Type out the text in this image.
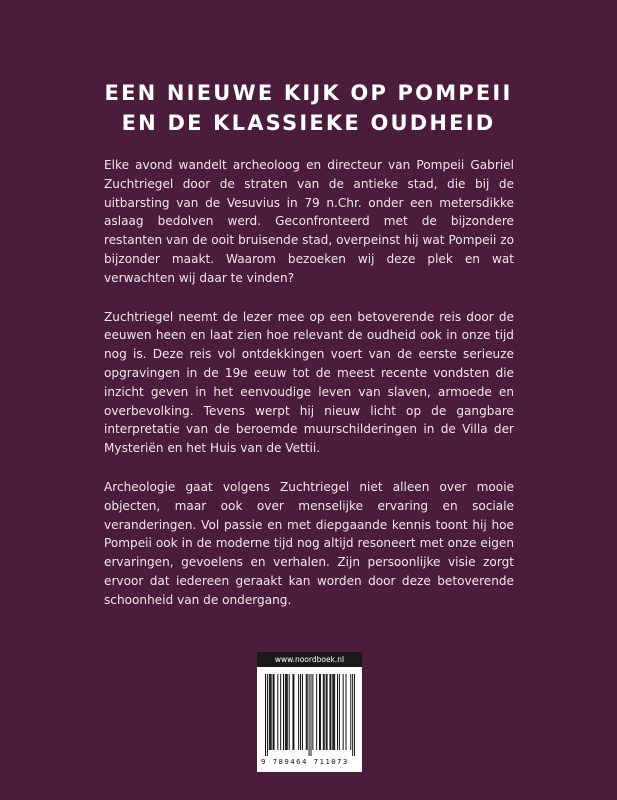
EEN NIEUWE KIJK OP POMPEII
EN DE KLASSIEKE OUDHEID

Elke avond wandelt archeoloog en directeur van Pompeii Gabriel Zuchtriegel door de straten van de antieke stad, die bij de uitbarsting van de Vesuvius in 79 n.Chr. onder een metersdikke aslaag bedolven werd. Geconfronteerd met de bijzondere restanten van de ooit bruisende stad, overpeinst hij wat Pompeii zo bijzonder maakt. Waarom bezoeken wij deze plek en wat verwachten wij daar te vinden?

Zuchtriegel neemt de lezer mee op een betoverende reis door de eeuwen heen en laat zien hoe relevant de oudheid ook in onze tijd nog is. Deze reis vol ontdekkingen voert van de eerste serieuze opgravingen in de 19e eeuw tot de meest recente vondsten die inzicht geven in het eenvoudige leven van slaven, armoede en overbevolking. Tevens werpt hij nieuw licht op de gangbare interpretatie van de beroemde muurschilderingen in de Villa der Mysteriën en het Huis van de Vettii.

Archeologie gaat volgens Zuchtriegel niet alleen over mooie objecten, maar ook over menselijke ervaring en sociale veranderingen. Vol passie en met diepgaande kennis toont hij hoe Pompeii ook in de moderne tijd nog altijd resoneert met onze eigen ervaringen, gevoelens en verhalen. Zijn persoonlijke visie zorgt ervoor dat iedereen geraakt kan worden door deze betoverende schoonheid van de ondergang.

www.noordboek.nl
9 789464 711073
